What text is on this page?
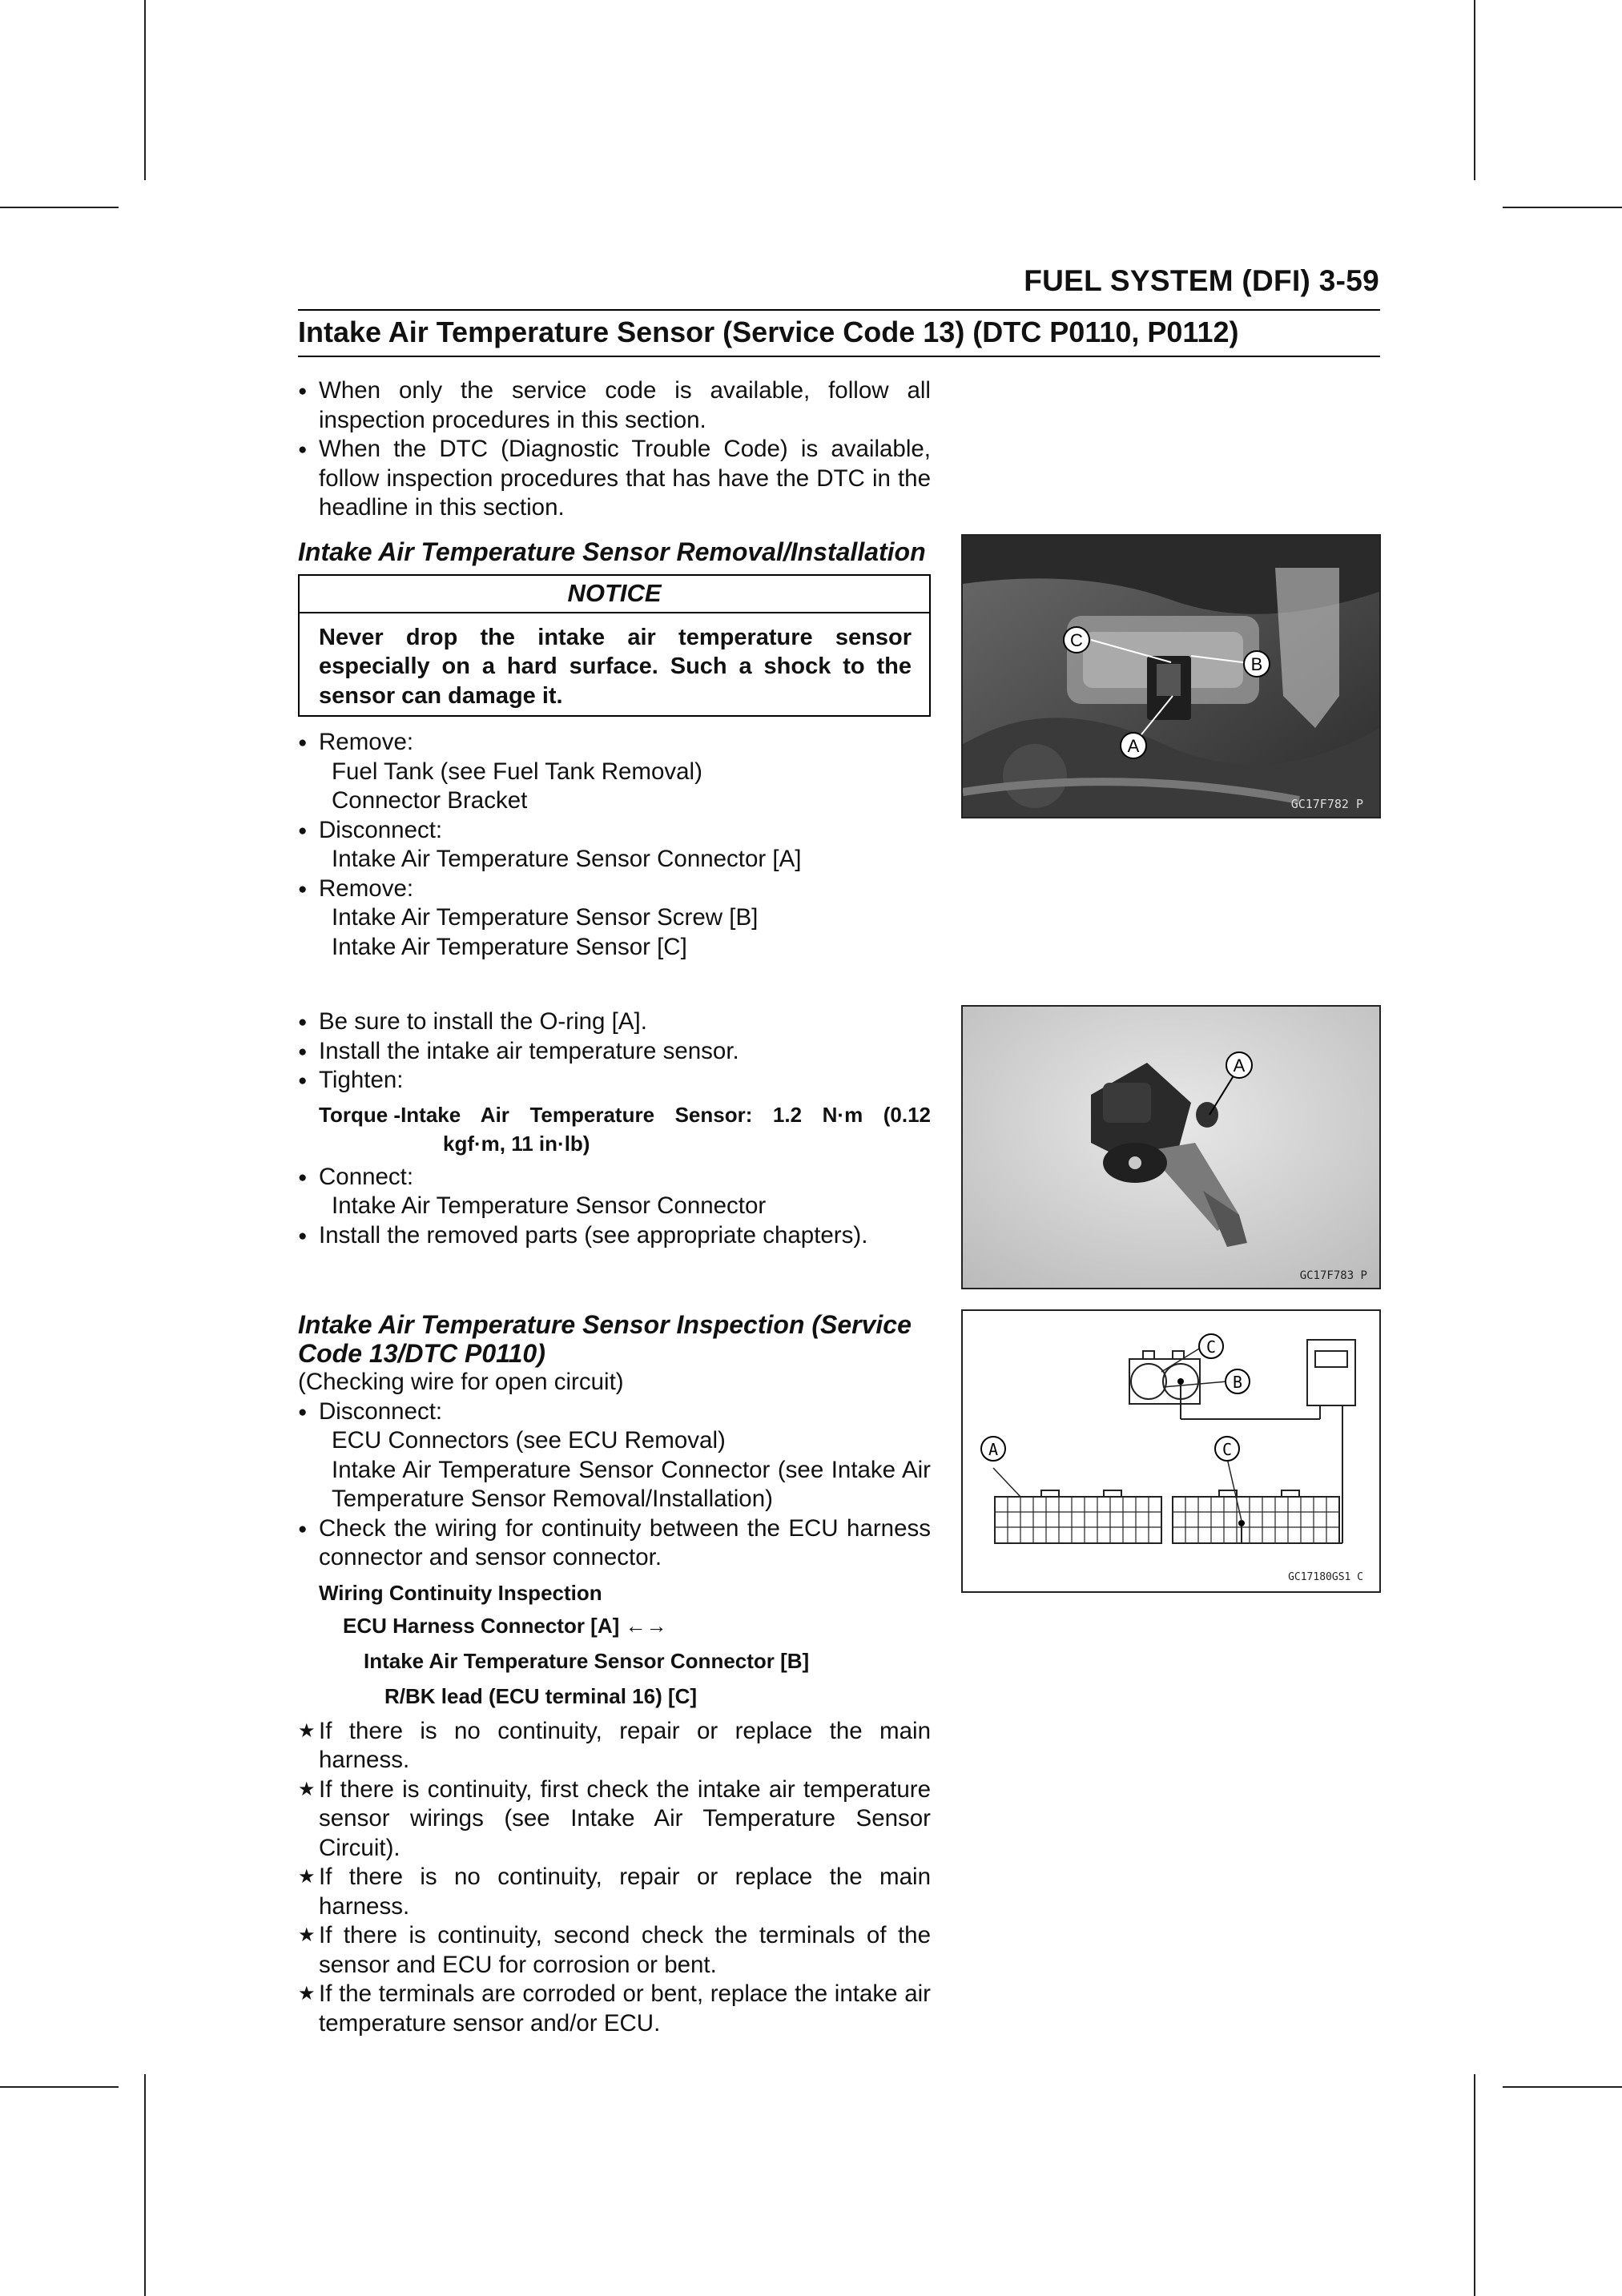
FUEL SYSTEM (DFI) 3-59
Intake Air Temperature Sensor (Service Code 13) (DTC P0110, P0112)
● When only the service code is available, follow all inspection procedures in this section.
● When the DTC (Diagnostic Trouble Code) is available, follow inspection procedures that has have the DTC in the headline in this section.
Intake Air Temperature Sensor Removal/Installation
NOTICE
Never drop the intake air temperature sensor especially on a hard surface. Such a shock to the sensor can damage it.
● Remove:
Fuel Tank (see Fuel Tank Removal)
Connector Bracket
● Disconnect:
Intake Air Temperature Sensor Connector [A]
● Remove:
Intake Air Temperature Sensor Screw [B]
Intake Air Temperature Sensor [C]
● Be sure to install the O-ring [A].
● Install the intake air temperature sensor.
● Tighten:
Torque - Intake Air Temperature Sensor: 1.2 N·m (0.12
kgf·m, 11 in·lb)
● Connect:
Intake Air Temperature Sensor Connector
● Install the removed parts (see appropriate chapters).
Intake Air Temperature Sensor Inspection (Service Code 13/DTC P0110)
(Checking wire for open circuit)
● Disconnect:
ECU Connectors (see ECU Removal)
Intake Air Temperature Sensor Connector (see Intake Air Temperature Sensor Removal/Installation)
● Check the wiring for continuity between the ECU harness connector and sensor connector.
Wiring Continuity Inspection
ECU Harness Connector [A] ←→
Intake Air Temperature Sensor Connector [B]
R/BK lead (ECU terminal 16) [C]
★ If there is no continuity, repair or replace the main harness.
★ If there is continuity, first check the intake air temperature sensor wirings (see Intake Air Temperature Sensor Circuit).
★ If there is no continuity, repair or replace the main harness.
★ If there is continuity, second check the terminals of the sensor and ECU for corrosion or bent.
★ If the terminals are corroded or bent, replace the intake air temperature sensor and/or ECU.
C
B
A
GC17F782 P
A
GC17F783 P
C
B
A	C
GC17180GS1 C
